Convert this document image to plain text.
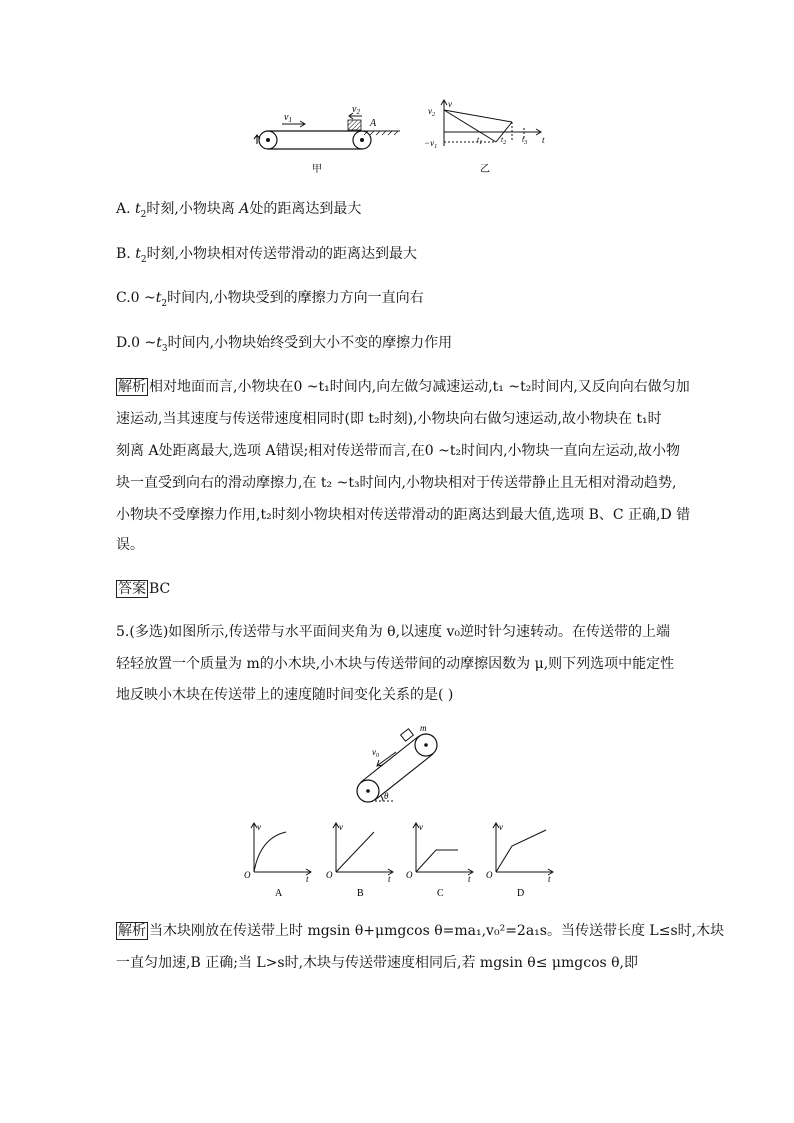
$v_1$
$v_2$
A
甲
v
$v_2$
$-v_1$
$t_1$ $t_2$ $t_3$ t
乙
A. $t_2$时刻,小物块离 A处的距离达到最大
B. $t_2$时刻,小物块相对传送带滑动的距离达到最大
C.0 $\sim t_2$时间内,小物块受到的摩擦力方向一直向右
D.0 $\sim t_3$时间内,小物块始终受到大小不变的摩擦力作用
解析 相对地面而言,小物块在0 ~t₁时间内,向左做匀减速运动,t₁ ~t₂时间内,又反向向右做匀加
速运动,当其速度与传送带速度相同时(即 t₂时刻),小物块向右做匀速运动,故小物块在 t₁时
刻离 A处距离最大,选项 A错误;相对传送带而言,在0 ~t₂时间内,小物块一直向左运动,故小物
块一直受到向右的滑动摩擦力,在 t₂ ~t₃时间内,小物块相对于传送带静止且无相对滑动趋势,
小物块不受摩擦力作用,t₂时刻小物块相对传送带滑动的距离达到最大值,选项 B、C 正确,D 错
误。
答案 BC
5.(多选)如图所示,传送带与水平面间夹角为 θ,以速度 v₀逆时针匀速转动。在传送带的上端
轻轻放置一个质量为 m的小木块,小木块与传送带间的动摩擦因数为 μ,则下列选项中能定性
地反映小木块在传送带上的速度随时间变化关系的是( )
m
$v_0$
θ
v
O	t
A
v
O	t
B
v
O	t
C
v
O	t
D
解析 当木块刚放在传送带上时 mgsin θ+μmgcos θ=ma₁,v₀²=2a₁s。当传送带长度 L≤s时,木块
一直匀加速,B 正确;当 L>s时,木块与传送带速度相同后,若 mgsin θ≤ μmgcos θ,即
